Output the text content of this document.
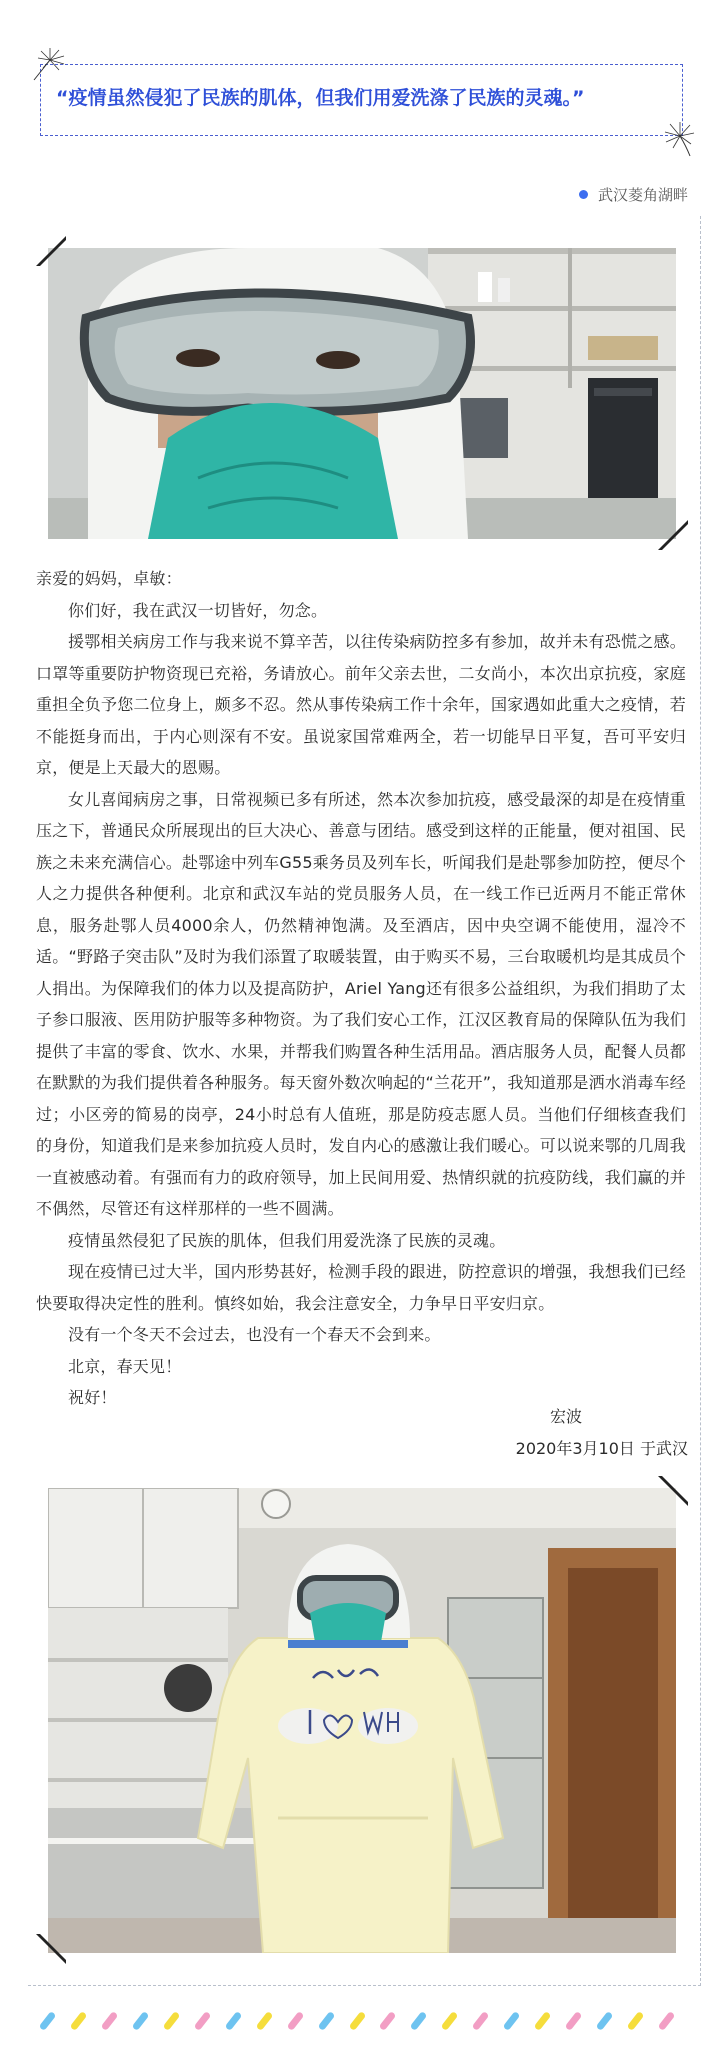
“疫情虽然侵犯了民族的肌体，但我们用爱洗涤了民族的灵魂。”
武汉菱角湖畔

亲爱的妈妈，卓敏：

你们好，我在武汉一切皆好，勿念。

援鄂相关病房工作与我来说不算辛苦，以往传染病防控多有参加，故并未有恐慌之感。口罩等重要防护物资现已充裕，务请放心。前年父亲去世，二女尚小，本次出京抗疫，家庭重担全负予您二位身上，颇多不忍。然从事传染病工作十余年，国家遇如此重大之疫情，若不能挺身而出，于内心则深有不安。虽说家国常难两全，若一切能早日平复，吾可平安归京，便是上天最大的恩赐。

女儿喜闻病房之事，日常视频已多有所述，然本次参加抗疫，感受最深的却是在疫情重压之下，普通民众所展现出的巨大决心、善意与团结。感受到这样的正能量，便对祖国、民族之未来充满信心。赴鄂途中列车G55乘务员及列车长，听闻我们是赴鄂参加防控，便尽个人之力提供各种便利。北京和武汉车站的党员服务人员，在一线工作已近两月不能正常休息，服务赴鄂人员4000余人，仍然精神饱满。及至酒店，因中央空调不能使用，湿冷不适。“野路子突击队”及时为我们添置了取暖装置，由于购买不易，三台取暖机均是其成员个人捐出。为保障我们的体力以及提高防护，Ariel Yang还有很多公益组织，为我们捐助了太子参口服液、医用防护服等多种物资。为了我们安心工作，江汉区教育局的保障队伍为我们提供了丰富的零食、饮水、水果，并帮我们购置各种生活用品。酒店服务人员，配餐人员都在默默的为我们提供着各种服务。每天窗外数次响起的“兰花开”，我知道那是洒水消毒车经过；小区旁的简易的岗亭，24小时总有人值班，那是防疫志愿人员。当他们仔细核查我们的身份，知道我们是来参加抗疫人员时，发自内心的感激让我们暖心。可以说来鄂的几周我一直被感动着。有强而有力的政府领导，加上民间用爱、热情织就的抗疫防线，我们赢的并不偶然，尽管还有这样那样的一些不圆满。

疫情虽然侵犯了民族的肌体，但我们用爱洗涤了民族的灵魂。

现在疫情已过大半，国内形势甚好，检测手段的跟进，防控意识的增强，我想我们已经快要取得决定性的胜利。慎终如始，我会注意安全，力争早日平安归京。

没有一个冬天不会过去，也没有一个春天不会到来。

北京，春天见！

祝好！

宏波
2020年3月10日 于武汉
